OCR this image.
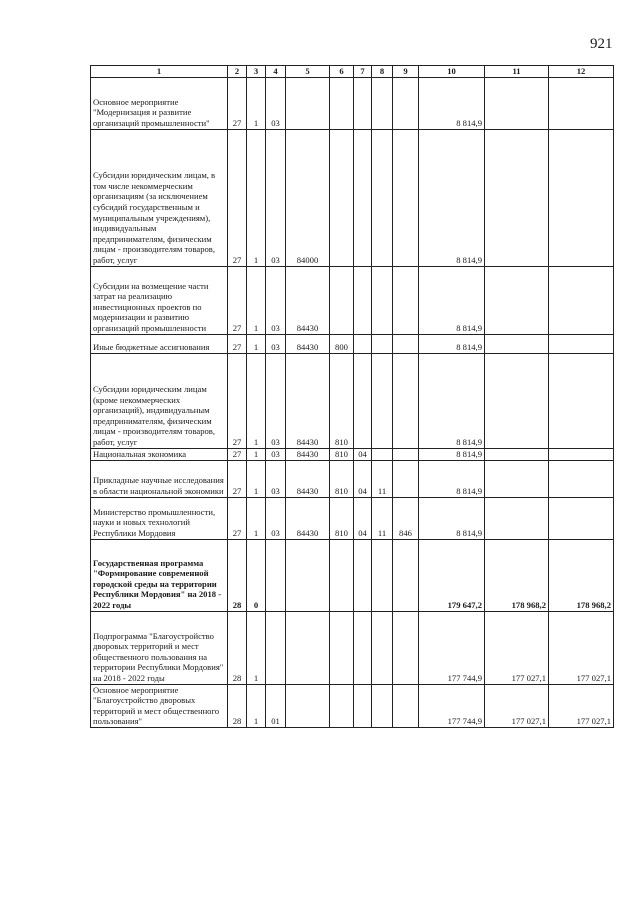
921
1	2	3	4	5	6	7	8	9	10	11	12
Основное мероприятие "Модернизация и развитие организаций промышленности"	27	1	03						8 814,9		
Субсидии юридическим лицам, в том числе некоммерческим организациям (за исключением субсидий государственным и муниципальным учреждениям), индивидуальным предпринимателям, физическим лицам - производителям товаров, работ, услуг	27	1	03	84000					8 814,9		
Субсидии на возмещение части затрат на реализацию инвестиционных проектов по модернизации и развитию организаций промышленности	27	1	03	84430					8 814,9		
Иные бюджетные ассигнования	27	1	03	84430	800				8 814,9		
Субсидии юридическим лицам (кроме некоммерческих организаций), индивидуальным предпринимателям, физическим лицам - производителям товаров, работ, услуг	27	1	03	84430	810				8 814,9		
Национальная экономика	27	1	03	84430	810	04			8 814,9		
Прикладные научные исследования в области национальной экономики	27	1	03	84430	810	04	11		8 814,9		
Министерство промышленности, науки и новых технологий Республики Мордовия	27	1	03	84430	810	04	11	846	8 814,9		
Государственная программа "Формирование современной городской среды на территории Республики Мордовия" на 2018 - 2022 годы	28	0							179 647,2	178 968,2	178 968,2
Подпрограмма "Благоустройство дворовых территорий и мест общественного пользования на территории Республики Мордовия" на 2018 - 2022 годы	28	1							177 744,9	177 027,1	177 027,1
Основное мероприятие "Благоустройство дворовых территорий и мест общественного пользования"	28	1	01						177 744,9	177 027,1	177 027,1
